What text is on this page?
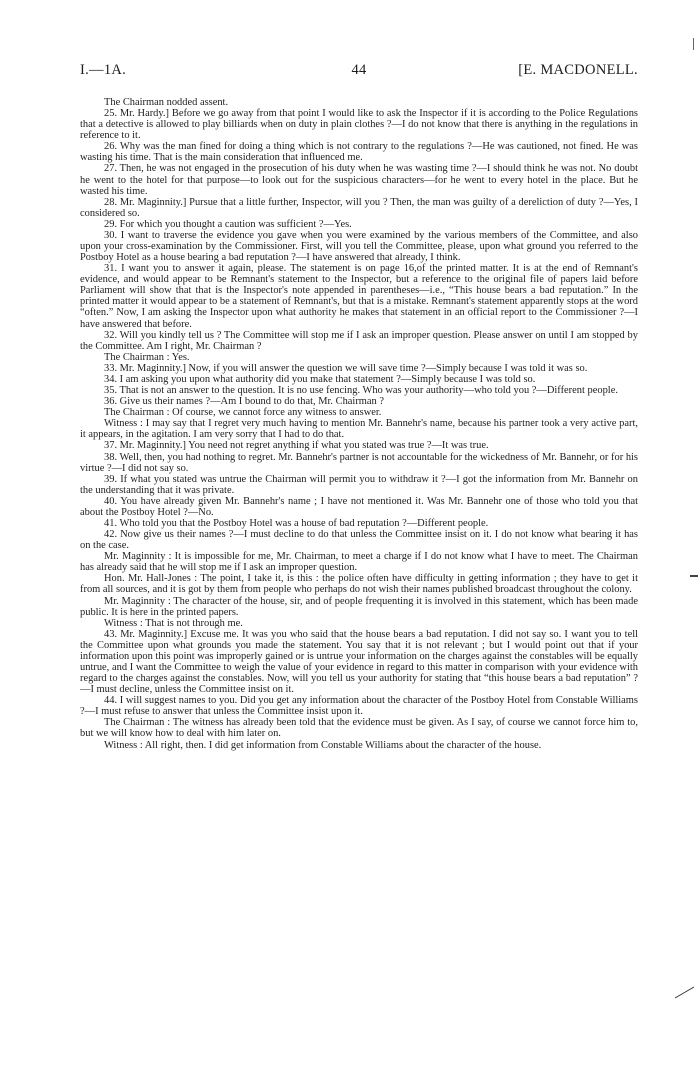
I.—1A.	44	[E. MACDONELL.

The Chairman nodded assent.

25. Mr. Hardy.] Before we go away from that point I would like to ask the Inspector if it is according to the Police Regulations that a detective is allowed to play billiards when on duty in plain clothes ?—I do not know that there is anything in the regulations in reference to it.

26. Why was the man fined for doing a thing which is not contrary to the regulations ?—He was cautioned, not fined. He was wasting his time. That is the main consideration that influenced me.

27. Then, he was not engaged in the prosecution of his duty when he was wasting time ?—I should think he was not. No doubt he went to the hotel for that purpose—to look out for the suspicious characters—for he went to every hotel in the place. But he wasted his time.

28. Mr. Maginnity.] Pursue that a little further, Inspector, will you ? Then, the man was guilty of a dereliction of duty ?—Yes, I considered so.

29. For which you thought a caution was sufficient ?—Yes.

30. I want to traverse the evidence you gave when you were examined by the various members of the Committee, and also upon your cross-examination by the Commissioner. First, will you tell the Committee, please, upon what ground you referred to the Postboy Hotel as a house bearing a bad reputation ?—I have answered that already, I think.

31. I want you to answer it again, please. The statement is on page 16,of the printed matter. It is at the end of Remnant's evidence, and would appear to be Remnant's statement to the Inspector, but a reference to the original file of papers laid before Parliament will show that that is the Inspector's note appended in parentheses—i.e., “This house bears a bad reputation.” In the printed matter it would appear to be a statement of Remnant's, but that is a mistake. Remnant's statement apparently stops at the word “often.” Now, I am asking the Inspector upon what authority he makes that statement in an official report to the Commissioner ?—I have answered that before.

32. Will you kindly tell us ? The Committee will stop me if I ask an improper question. Please answer on until I am stopped by the Committee. Am I right, Mr. Chairman ?

The Chairman : Yes.

33. Mr. Maginnity.] Now, if you will answer the question we will save time ?—Simply because I was told it was so.

34. I am asking you upon what authority did you make that statement ?—Simply because I was told so.

35. That is not an answer to the question. It is no use fencing. Who was your authority—who told you ?—Different people.

36. Give us their names ?—Am I bound to do that, Mr. Chairman ?

The Chairman : Of course, we cannot force any witness to answer.

Witness : I may say that I regret very much having to mention Mr. Bannehr's name, because his partner took a very active part, it appears, in the agitation. I am very sorry that I had to do that.

37. Mr. Maginnity.] You need not regret anything if what you stated was true ?—It was true.

38. Well, then, you had nothing to regret. Mr. Bannehr's partner is not accountable for the wickedness of Mr. Bannehr, or for his virtue ?—I did not say so.

39. If what you stated was untrue the Chairman will permit you to withdraw it ?—I got the information from Mr. Bannehr on the understanding that it was private.

40. You have already given Mr. Bannehr's name ; I have not mentioned it. Was Mr. Bannehr one of those who told you that about the Postboy Hotel ?—No.

41. Who told you that the Postboy Hotel was a house of bad reputation ?—Different people.

42. Now give us their names ?—I must decline to do that unless the Committee insist on it. I do not know what bearing it has on the case.

Mr. Maginnity : It is impossible for me, Mr. Chairman, to meet a charge if I do not know what I have to meet. The Chairman has already said that he will stop me if I ask an improper question.

Hon. Mr. Hall-Jones : The point, I take it, is this : the police often have difficulty in getting information ; they have to get it from all sources, and it is got by them from people who perhaps do not wish their names published broadcast throughout the colony.

Mr. Maginnity : The character of the house, sir, and of people frequenting it is involved in this statement, which has been made public. It is here in the printed papers.

Witness : That is not through me.

43. Mr. Maginnity.] Excuse me. It was you who said that the house bears a bad reputation. I did not say so. I want you to tell the Committee upon what grounds you made the statement. You say that it is not relevant ; but I would point out that if your information upon this point was improperly gained or is untrue your information on the charges against the constables will be equally untrue, and I want the Committee to weigh the value of your evidence in regard to this matter in comparison with your evidence with regard to the charges against the constables. Now, will you tell us your authority for stating that “this house bears a bad reputation” ?—I must decline, unless the Committee insist on it.

44. I will suggest names to you. Did you get any information about the character of the Postboy Hotel from Constable Williams ?—I must refuse to answer that unless the Committee insist upon it.

The Chairman : The witness has already been told that the evidence must be given. As I say, of course we cannot force him to, but we will know how to deal with him later on.

Witness : All right, then. I did get information from Constable Williams about the character of the house.
